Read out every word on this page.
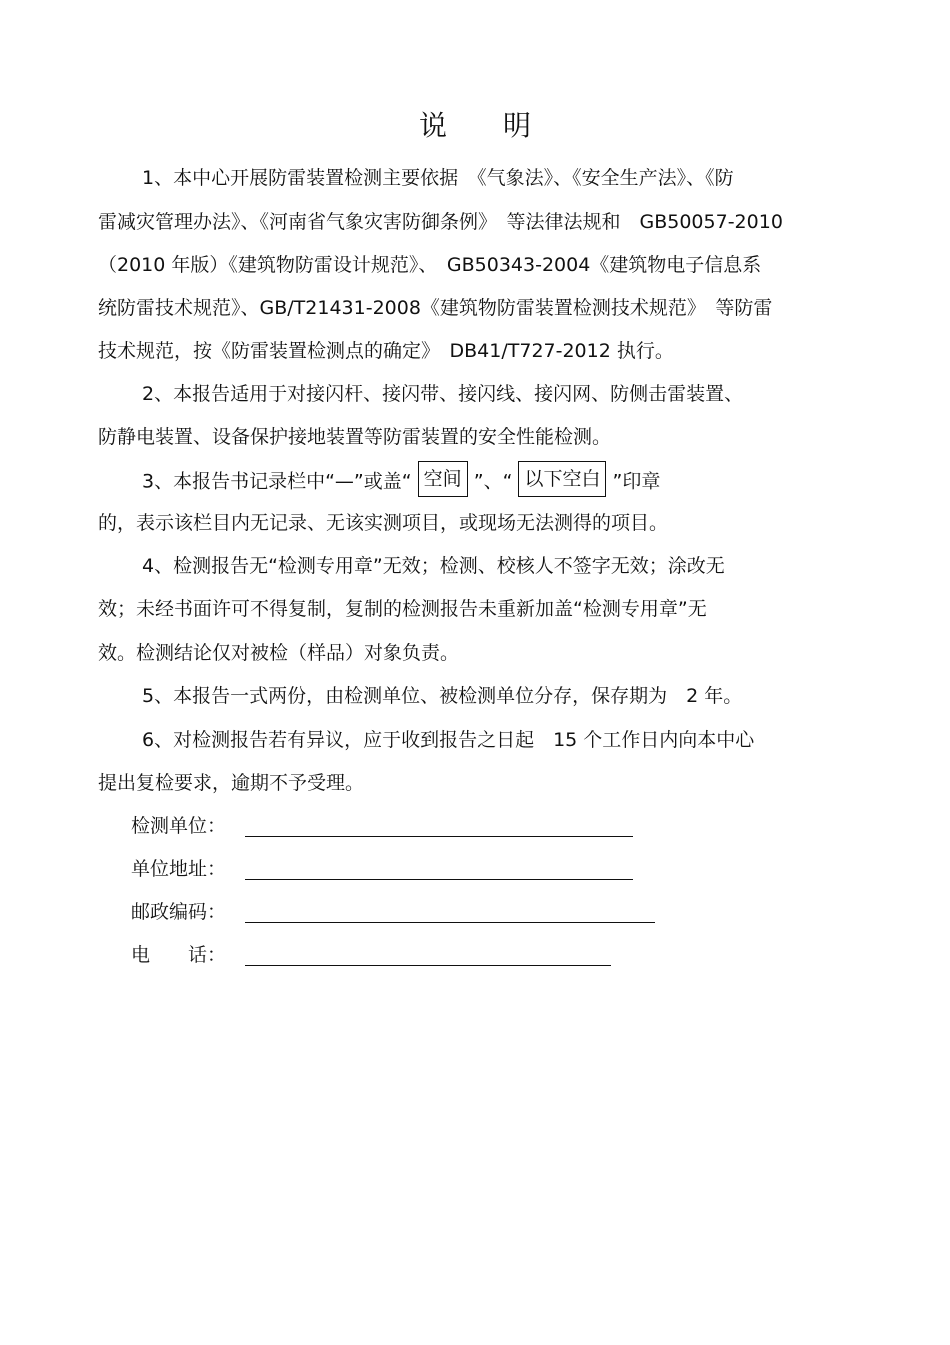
说 明
1、本中心开展防雷装置检测主要依据　《气象法》、《安全生产法》、《防
雷减灾管理办法》、《河南省气象灾害防御条例》　等法律法规和　GB50057-2010
（2010 年版）《建筑物防雷设计规范》、　GB50343-2004《建筑物电子信息系
统防雷技术规范》、GB/T21431-2008《建筑物防雷装置检测技术规范》　等防雷
技术规范，按《防雷装置检测点的确定》　DB41/T727-2012 执行。
2、本报告适用于对接闪杆、接闪带、接闪线、接闪网、防侧击雷装置、
防静电装置、设备保护接地装置等防雷装置的安全性能检测。
3、本报告书记录栏中“—”或盖“ 空间 ”、“ 以下空白 ”印章
的，表示该栏目内无记录、无该实测项目，或现场无法测得的项目。
4、检测报告无“检测专用章”无效；检测、校核人不签字无效；涂改无
效；未经书面许可不得复制，复制的检测报告未重新加盖“检测专用章”无
效。检测结论仅对被检（样品）对象负责。
5、本报告一式两份，由检测单位、被检测单位分存，保存期为　2 年。
6、对检测报告若有异议，应于收到报告之日起　15 个工作日内向本中心
提出复检要求，逾期不予受理。
检测单位：
单位地址：
邮政编码：
电　　话：
